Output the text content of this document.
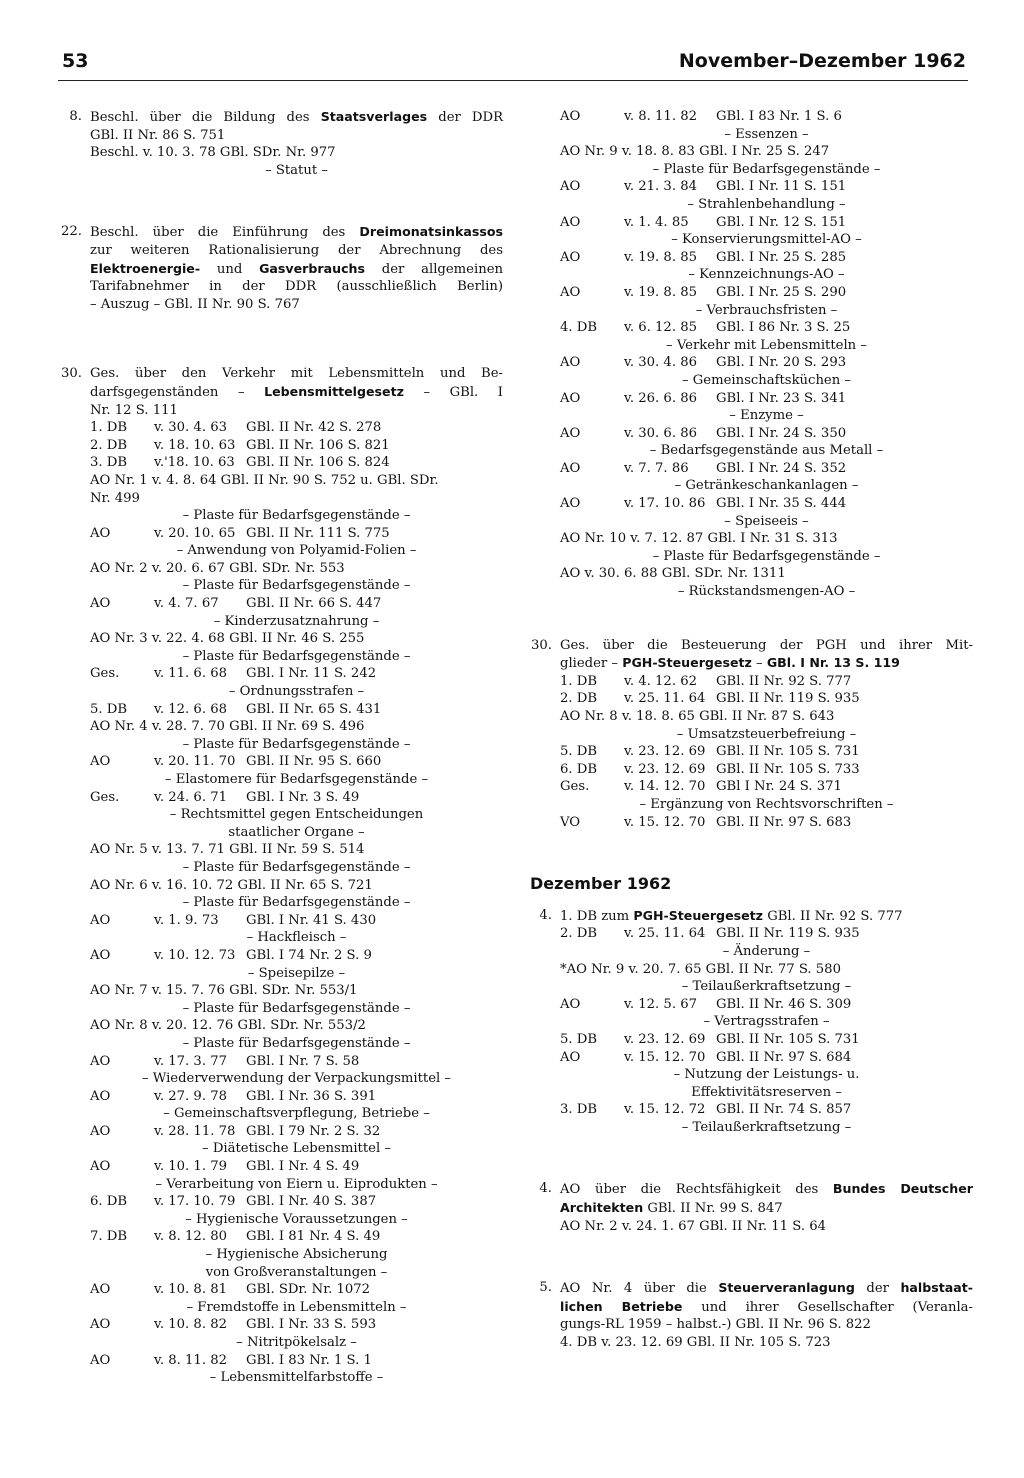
53	November–Dezember 1962
8. Beschl. über die Bildung des Staatsverlages der DDR
GBl. II Nr. 86 S. 751
Beschl. v. 10. 3. 78 GBl. SDr. Nr. 977
– Statut –
22. Beschl. über die Einführung des Dreimonatsinkassos
zur weiteren Rationalisierung der Abrechnung des
Elektroenergie- und Gasverbrauchs der allgemeinen
Tarifabnehmer in der DDR (ausschließlich Berlin)
– Auszug – GBl. II Nr. 90 S. 767
30. Ges. über den Verkehr mit Lebensmitteln und Be-
darfsgegenständen – Lebensmittelgesetz – GBl. I
Nr. 12 S. 111
1. DB v. 30. 4. 63 GBl. II Nr. 42 S. 278
2. DB v. 18. 10. 63 GBl. II Nr. 106 S. 821
3. DB v.'18. 10. 63 GBl. II Nr. 106 S. 824
AO Nr. 1 v. 4. 8. 64 GBl. II Nr. 90 S. 752 u. GBl. SDr.
Nr. 499
– Plaste für Bedarfsgegenstände –
AO	v. 20. 10. 65 GBl. II Nr. 111 S. 775
– Anwendung von Polyamid-Folien –
AO Nr. 2 v. 20. 6. 67 GBl. SDr. Nr. 553
– Plaste für Bedarfsgegenstände –
AO	v. 4. 7. 67 GBl. II Nr. 66 S. 447
– Kinderzusatznahrung –
AO Nr. 3 v. 22. 4. 68 GBl. II Nr. 46 S. 255
– Plaste für Bedarfsgegenstände –
Ges.	v. 11. 6. 68 GBl. I Nr. 11 S. 242
– Ordnungsstrafen –
5. DB v. 12. 6. 68 GBl. II Nr. 65 S. 431
AO Nr. 4 v. 28. 7. 70 GBl. II Nr. 69 S. 496
– Plaste für Bedarfsgegenstände –
AO	v. 20. 11. 70 GBl. II Nr. 95 S. 660
– Elastomere für Bedarfsgegenstände –
Ges.	v. 24. 6. 71 GBl. I Nr. 3 S. 49
– Rechtsmittel gegen Entscheidungen
staatlicher Organe –
AO Nr. 5 v. 13. 7. 71 GBl. II Nr. 59 S. 514
– Plaste für Bedarfsgegenstände –
AO Nr. 6 v. 16. 10. 72 GBl. II Nr. 65 S. 721
– Plaste für Bedarfsgegenstände –
AO	v. 1. 9. 73 GBl. I Nr. 41 S. 430
– Hackfleisch –
AO	v. 10. 12. 73 GBl. I 74 Nr. 2 S. 9
– Speisepilze –
AO Nr. 7 v. 15. 7. 76 GBl. SDr. Nr. 553/1
– Plaste für Bedarfsgegenstände –
AO Nr. 8 v. 20. 12. 76 GBl. SDr. Nr. 553/2
– Plaste für Bedarfsgegenstände –
AO	v. 17. 3. 77 GBl. I Nr. 7 S. 58
– Wiederverwendung der Verpackungsmittel –
AO	v. 27. 9. 78 GBl. I Nr. 36 S. 391
– Gemeinschaftsverpflegung, Betriebe –
AO	v. 28. 11. 78 GBl. I 79 Nr. 2 S. 32
– Diätetische Lebensmittel –
AO	v. 10. 1. 79 GBl. I Nr. 4 S. 49
– Verarbeitung von Eiern u. Eiprodukten –
6. DB v. 17. 10. 79 GBl. I Nr. 40 S. 387
– Hygienische Voraussetzungen –
7. DB v. 8. 12. 80 GBl. I 81 Nr. 4 S. 49
– Hygienische Absicherung
von Großveranstaltungen –
AO	v. 10. 8. 81 GBl. SDr. Nr. 1072
– Fremdstoffe in Lebensmitteln –
AO	v. 10. 8. 82 GBl. I Nr. 33 S. 593
– Nitritpökelsalz –
AO	v. 8. 11. 82 GBl. I 83 Nr. 1 S. 1
– Lebensmittelfarbstoffe –
AO	v. 8. 11. 82 GBl. I 83 Nr. 1 S. 6
– Essenzen –
AO Nr. 9 v. 18. 8. 83 GBl. I Nr. 25 S. 247
– Plaste für Bedarfsgegenstände –
AO	v. 21. 3. 84 GBl. I Nr. 11 S. 151
– Strahlenbehandlung –
AO	v. 1. 4. 85 GBl. I Nr. 12 S. 151
– Konservierungsmittel-AO –
AO	v. 19. 8. 85 GBl. I Nr. 25 S. 285
– Kennzeichnungs-AO –
AO	v. 19. 8. 85 GBl. I Nr. 25 S. 290
– Verbrauchsfristen –
4. DB v. 6. 12. 85 GBl. I 86 Nr. 3 S. 25
– Verkehr mit Lebensmitteln –
AO	v. 30. 4. 86 GBl. I Nr. 20 S. 293
– Gemeinschaftsküchen –
AO	v. 26. 6. 86 GBl. I Nr. 23 S. 341
– Enzyme –
AO	v. 30. 6. 86 GBl. I Nr. 24 S. 350
– Bedarfsgegenstände aus Metall –
AO	v. 7. 7. 86 GBl. I Nr. 24 S. 352
– Getränkeschankanlagen –
AO	v. 17. 10. 86 GBl. I Nr. 35 S. 444
– Speiseeis –
AO Nr. 10 v. 7. 12. 87 GBl. I Nr. 31 S. 313
– Plaste für Bedarfsgegenstände –
AO v. 30. 6. 88 GBl. SDr. Nr. 1311
– Rückstandsmengen-AO –
30. Ges. über die Besteuerung der PGH und ihrer Mit-
glieder – PGH-Steuergesetz – GBl. I Nr. 13 S. 119
1. DB v. 4. 12. 62 GBl. II Nr. 92 S. 777
2. DB v. 25. 11. 64 GBl. II Nr. 119 S. 935
AO Nr. 8 v. 18. 8. 65 GBl. II Nr. 87 S. 643
– Umsatzsteuerbefreiung –
5. DB v. 23. 12. 69 GBl. II Nr. 105 S. 731
6. DB v. 23. 12. 69 GBl. II Nr. 105 S. 733
Ges.	v. 14. 12. 70 GBl I Nr. 24 S. 371
– Ergänzung von Rechtsvorschriften –
VO	v. 15. 12. 70 GBl. II Nr. 97 S. 683
Dezember 1962
4. 1. DB zum PGH-Steuergesetz GBl. II Nr. 92 S. 777
2. DB v. 25. 11. 64 GBl. II Nr. 119 S. 935
– Änderung –
*AO Nr. 9 v. 20. 7. 65 GBl. II Nr. 77 S. 580
– Teilaußerkraftsetzung –
AO	v. 12. 5. 67 GBl. II Nr. 46 S. 309
– Vertragsstrafen –
5. DB v. 23. 12. 69 GBl. II Nr. 105 S. 731
AO	v. 15. 12. 70 GBl. II Nr. 97 S. 684
– Nutzung der Leistungs- u.
Effektivitätsreserven –
3. DB v. 15. 12. 72 GBl. II Nr. 74 S. 857
– Teilaußerkraftsetzung –
4. AO über die Rechtsfähigkeit des Bundes Deutscher
Architekten GBl. II Nr. 99 S. 847
AO Nr. 2 v. 24. 1. 67 GBl. II Nr. 11 S. 64
5. AO Nr. 4 über die Steuerveranlagung der halbstaat-
lichen Betriebe und ihrer Gesellschafter (Veranla-
gungs-RL 1959 – halbst.-) GBl. II Nr. 96 S. 822
4. DB v. 23. 12. 69 GBl. II Nr. 105 S. 723
